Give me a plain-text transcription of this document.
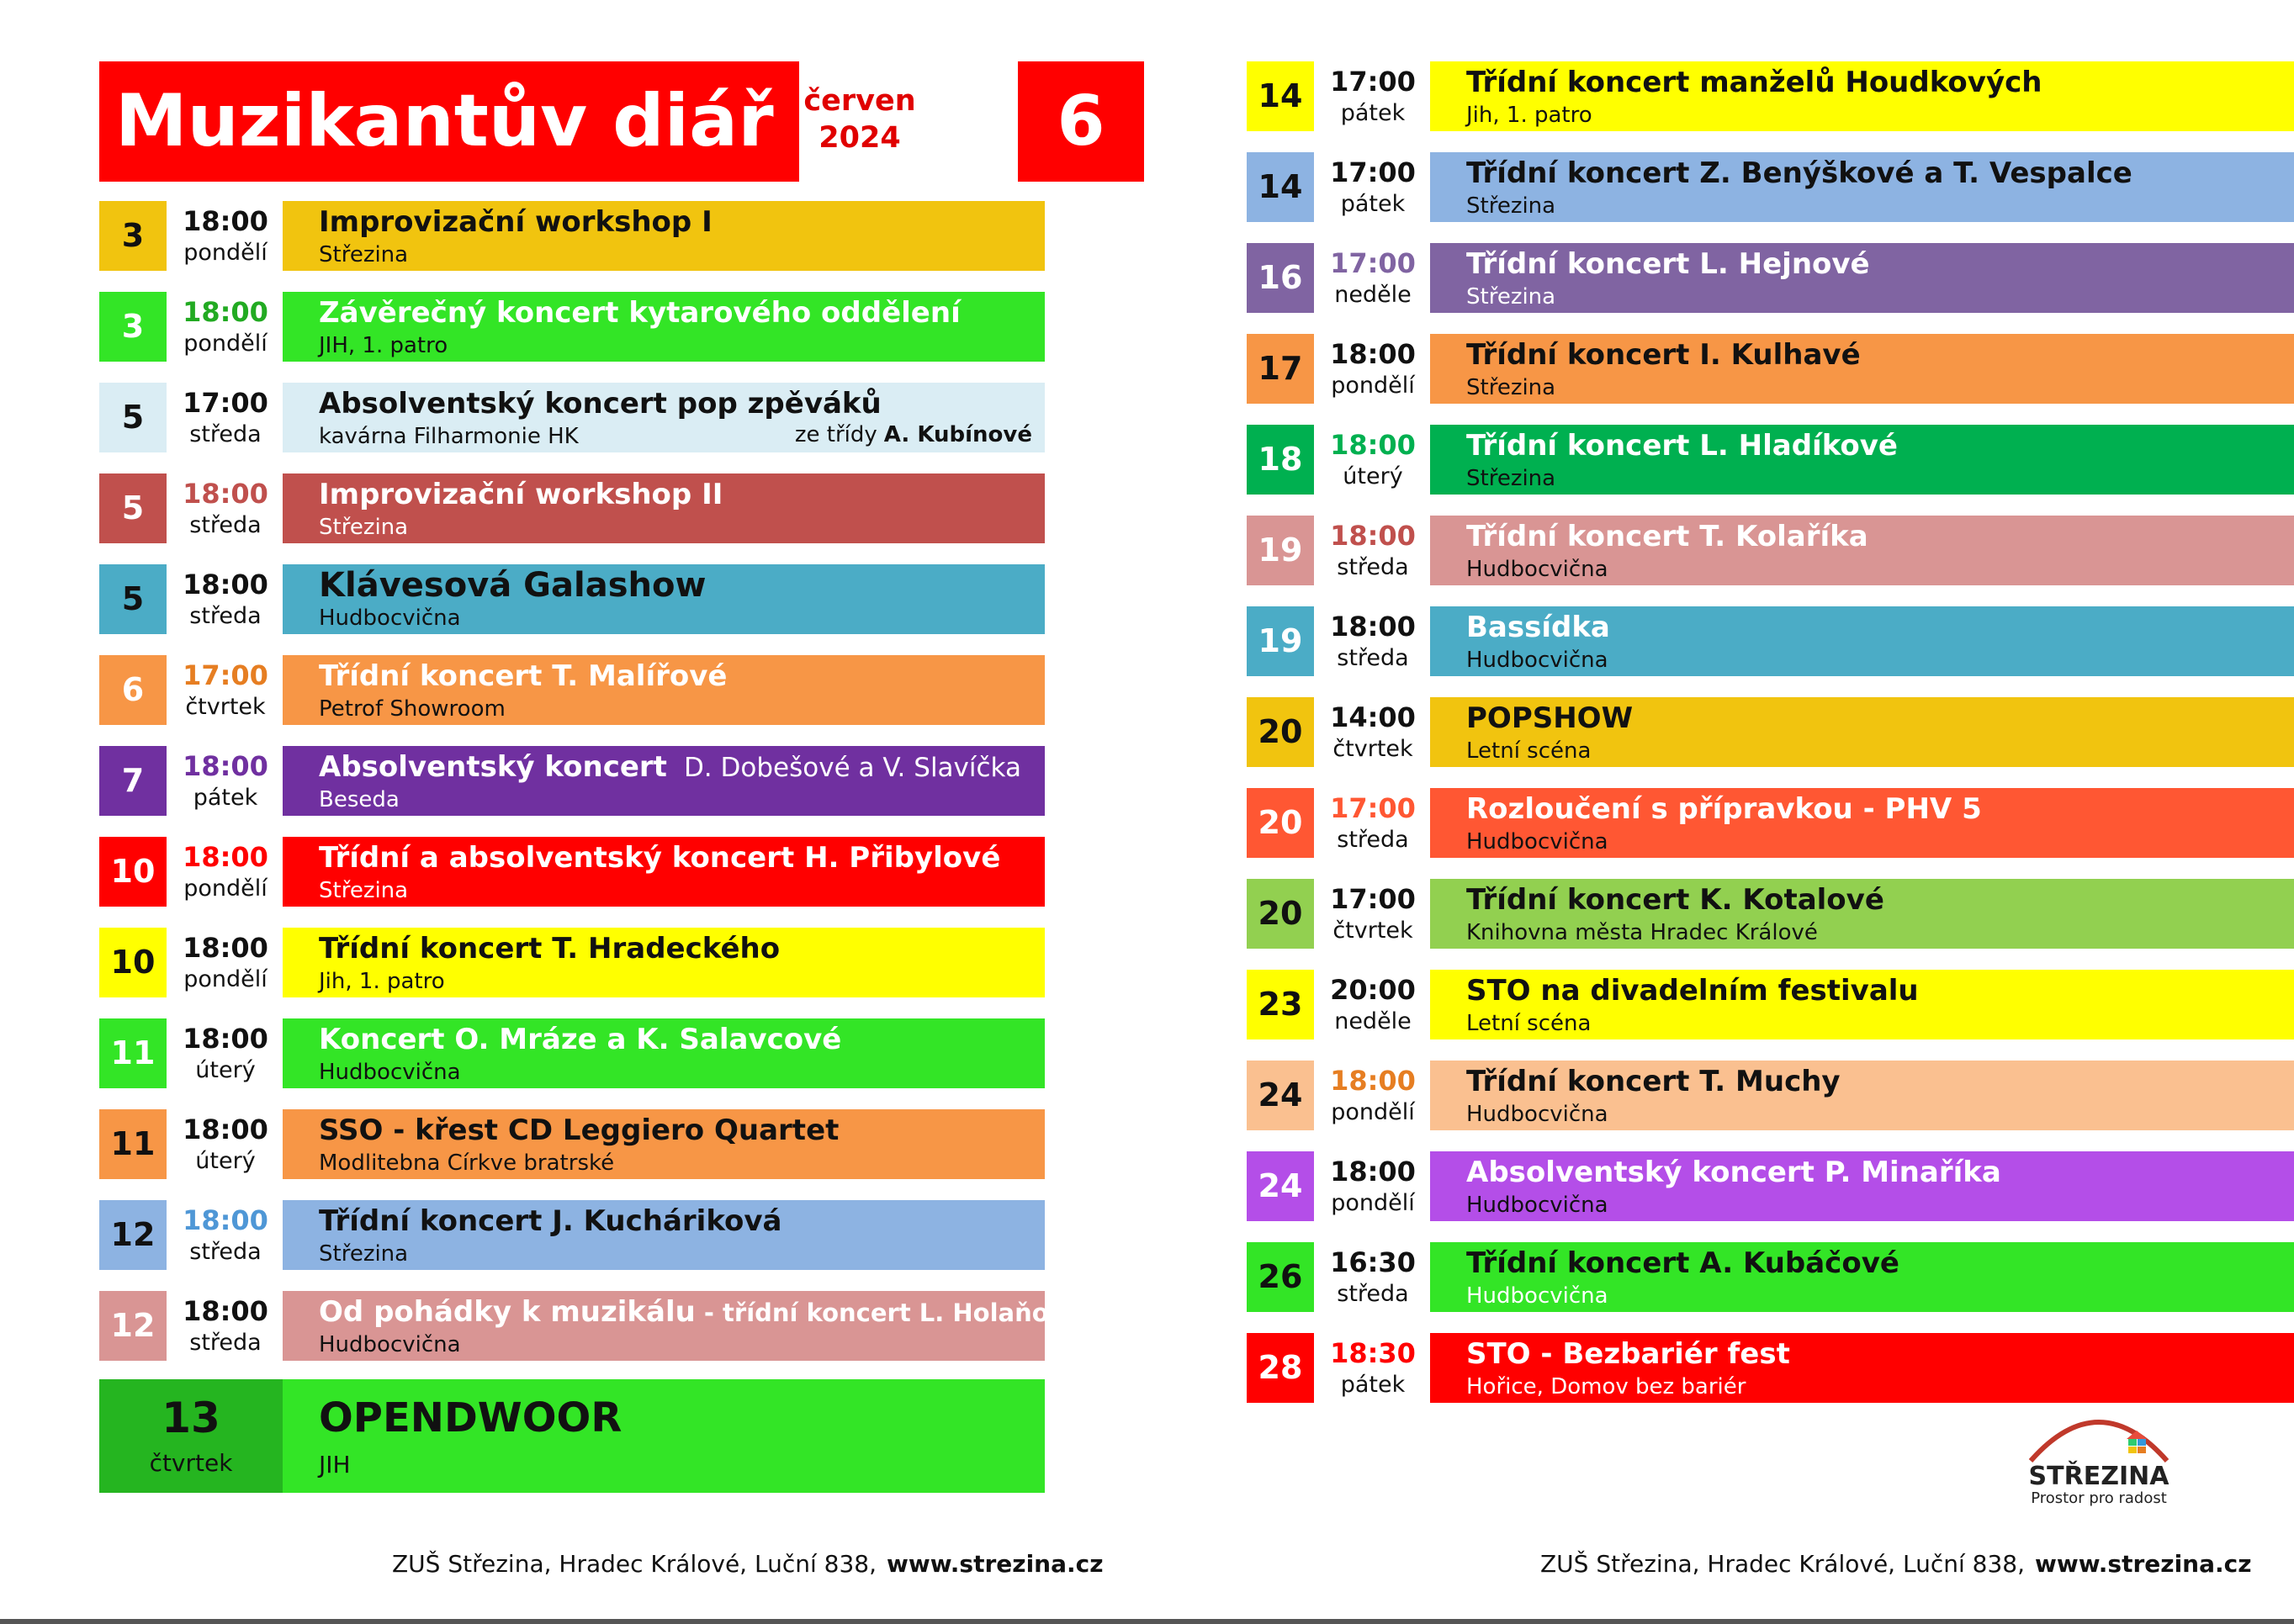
Muzikantův diář	červen
2024	6
3	18:00
pondělí
Improvizační workshop I
Střezina
3	18:00
pondělí
Závěrečný koncert kytarového oddělení
JIH, 1. patro
5	17:00
středa
Absolventský koncert pop zpěváků
kavárna Filharmonie HK	ze třídy A. Kubínové
5	18:00
středa
Improvizační workshop II
Střezina
5	18:00
středa
Klávesová Galashow
Hudbocvična
6	17:00
čtvrtek
Třídní koncert T. Malířové
Petrof Showroom
7	18:00
pátek
Absolventský koncert D. Dobešové a V. Slavíčka
Beseda
10	18:00
pondělí
Třídní a absolventský koncert H. Přibylové
Střezina
10	18:00
pondělí
Třídní koncert T. Hradeckého
Jih, 1. patro
11	18:00
úterý
Koncert O. Mráze a K. Salavcové
Hudbocvična
11	18:00
úterý
SSO - křest CD Leggiero Quartet
Modlitebna Církve bratrské
12	18:00
středa
Třídní koncert J. Kucháriková
Střezina
12	18:00
středa
Od pohádky k muzikálu - třídní koncert L. Holaňové
Hudbocvična
14	17:00
pátek
Třídní koncert manželů Houdkových
Jih, 1. patro
14	17:00
pátek
Třídní koncert Z. Benýškové a T. Vespalce
Střezina
16	17:00
neděle
Třídní koncert L. Hejnové
Střezina
17	18:00
pondělí
Třídní koncert I. Kulhavé
Střezina
18	18:00
úterý
Třídní koncert L. Hladíkové
Střezina
19	18:00
středa
Třídní koncert T. Kolaříka
Hudbocvična
19	18:00
středa
Bassídka
Hudbocvična
20	14:00
čtvrtek
POPSHOW
Letní scéna
20	17:00
středa
Rozloučení s přípravkou - PHV 5
Hudbocvična
20	17:00
čtvrtek
Třídní koncert K. Kotalové
Knihovna města Hradec Králové
23	20:00
neděle
STO na divadelním festivalu
Letní scéna
24	18:00
pondělí
Třídní koncert T. Muchy
Hudbocvična
24	18:00
pondělí
Absolventský koncert P. Minaříka
Hudbocvična
26	16:30
středa
Třídní koncert A. Kubáčové
Hudbocvična
28	18:30
pátek
STO - Bezbariér fest
Hořice, Domov bez bariér
13
čtvrtek
OPENDWOOR
JIH
ZUŠ Střezina, Hradec Králové, Luční 838, www.strezina.cz	ZUŠ Střezina, Hradec Králové, Luční 838, www.strezina.cz
STŘEZINA
Prostor pro radost
